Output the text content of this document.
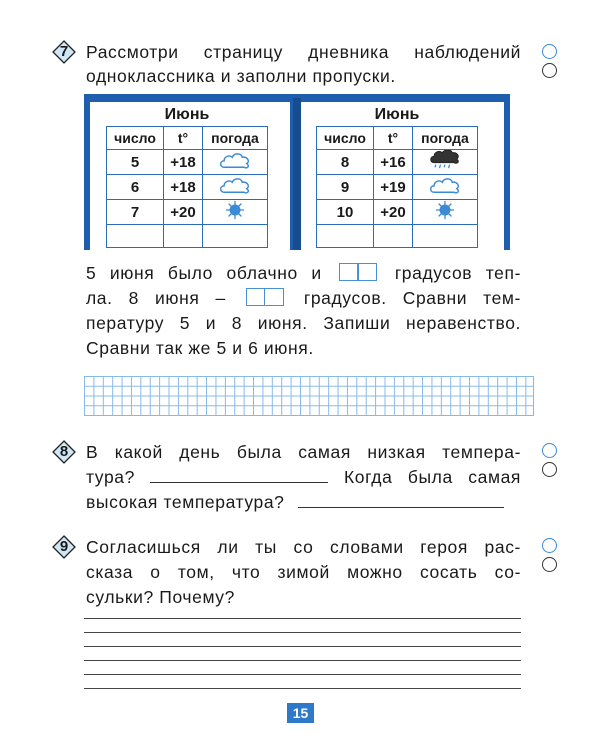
7	Рассмотри страницу дневника наблюдений
одноклассника и заполни пропуски.
Июнь		
число	t°	погода
5	+18	
6	+18	
7	+20	

Июнь		
число	t°	погода
8	+16	
9	+19	
10	+20	

5 июня было облачно и	градусов теп-
ла. 8 июня –	градусов. Сравни тем-
пературу 5 и 8 июня. Запиши неравенство.
Сравни так же 5 и 6 июня.
8	В какой день была самая низкая темпера-
тура?	Когда была самая
высокая температура?
9	Согласишься ли ты со словами героя рас-
сказа о том, что зимой можно сосать со-
сульки? Почему?
15
